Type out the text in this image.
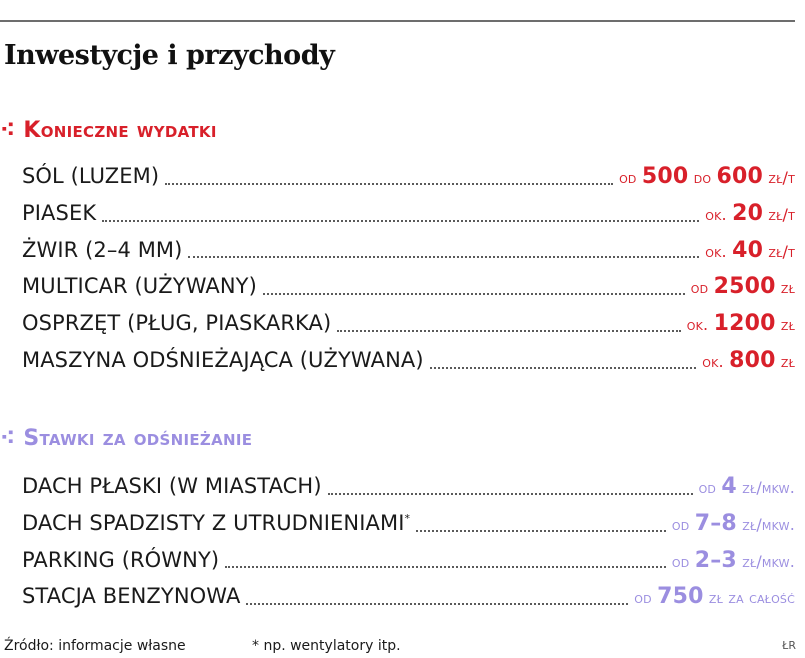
Inwestycje i przychody
⁖ Konieczne wydatki
SÓL (LUZEM)	od 500 do 600 zł/t
PIASEK	ok. 20 zł/t
ŻWIR (2–4 MM)	ok. 40 zł/t
MULTICAR (UŻYWANY)	od 2500 zł
OSPRZĘT (PŁUG, PIASKARKA)	ok. 1200 zł
MASZYNA ODŚNIEŻAJĄCA (UŻYWANA)	ok. 800 zł
⁖ Stawki za odśnieżanie
DACH PŁASKI (W MIASTACH)	od 4 zł/mkw.
DACH SPADZISTY Z UTRUDNIENIAMI*	od 7–8 zł/mkw.
PARKING (RÓWNY)	od 2–3 zł/mkw.
STACJA BENZYNOWA	od 750 zł za całość
Źródło: informacje własne	* np. wentylatory itp.	ŁR
